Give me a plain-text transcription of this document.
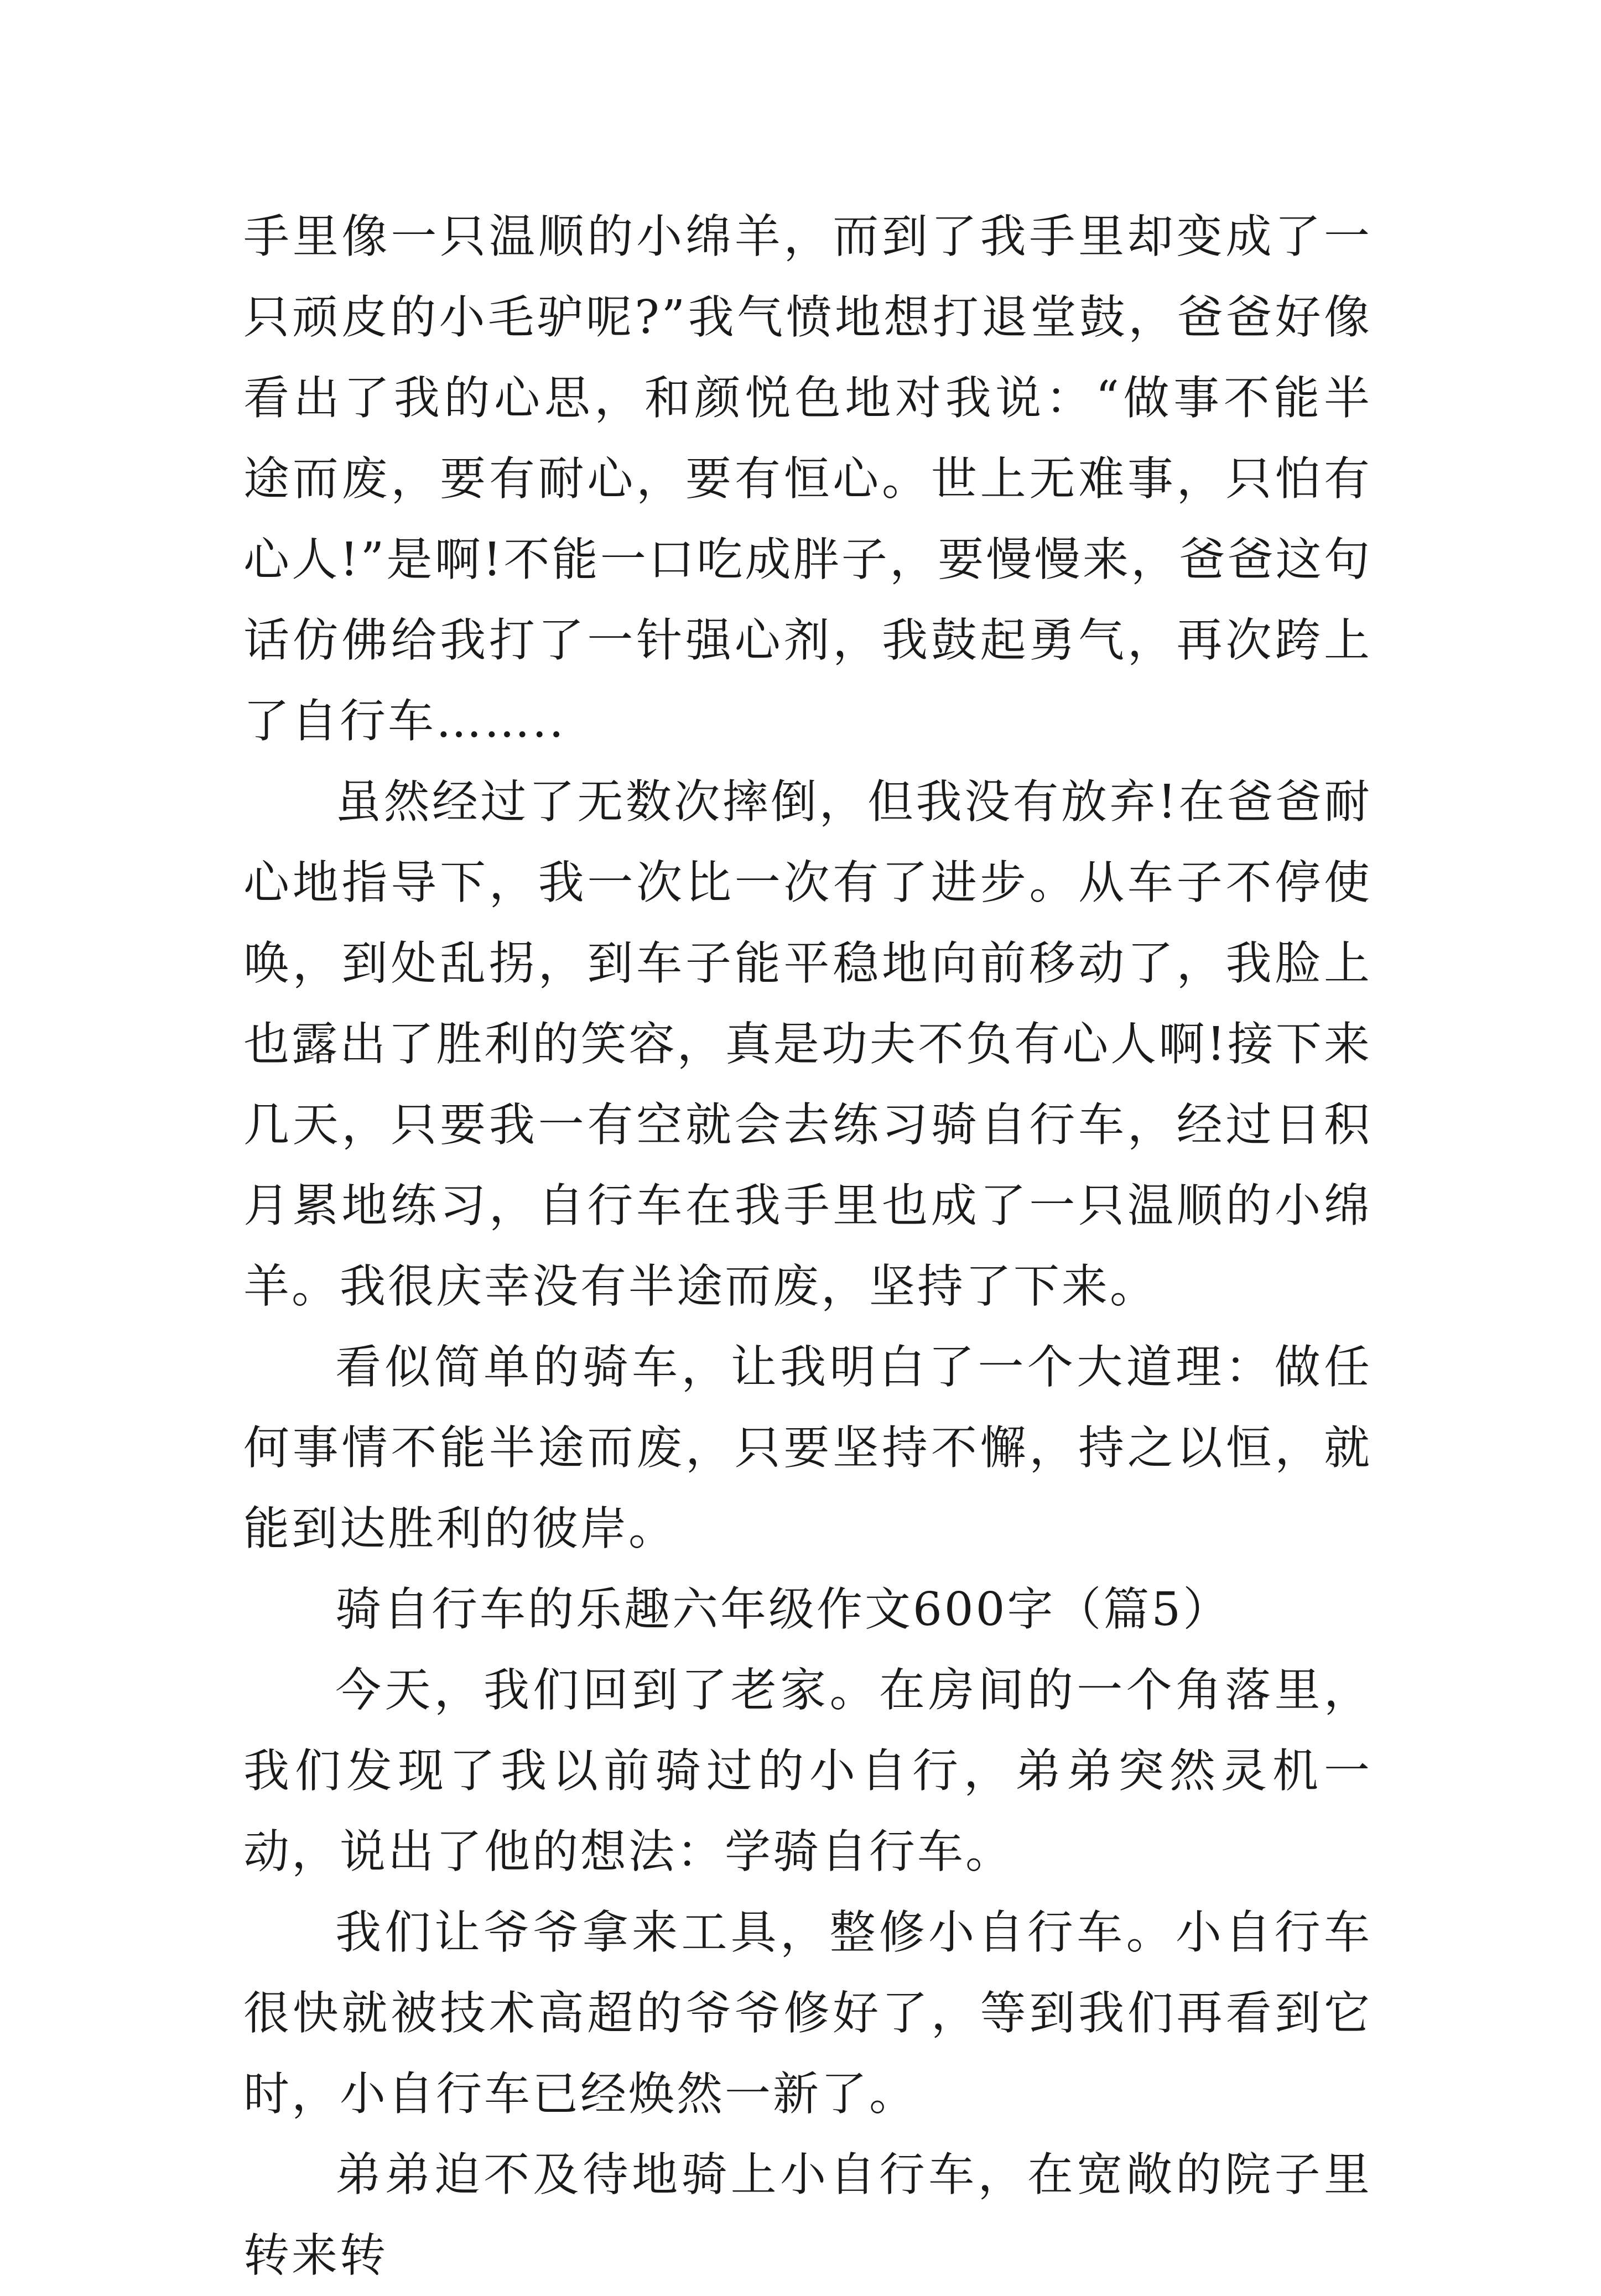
手里像一只温顺的小绵羊，而到了我手里却变成了一只顽皮的小毛驴呢?”我气愤地想打退堂鼓，爸爸好像看出了我的心思，和颜悦色地对我说：“做事不能半途而废，要有耐心，要有恒心。世上无难事，只怕有心人!”是啊!不能一口吃成胖子，要慢慢来，爸爸这句话仿佛给我打了一针强心剂，我鼓起勇气，再次跨上了自行车……..

虽然经过了无数次摔倒，但我没有放弃!在爸爸耐心地指导下，我一次比一次有了进步。从车子不停使唤，到处乱拐，到车子能平稳地向前移动了，我脸上也露出了胜利的笑容，真是功夫不负有心人啊!接下来几天，只要我一有空就会去练习骑自行车，经过日积月累地练习，自行车在我手里也成了一只温顺的小绵羊。我很庆幸没有半途而废，坚持了下来。

看似简单的骑车，让我明白了一个大道理：做任何事情不能半途而废，只要坚持不懈，持之以恒，就能到达胜利的彼岸。

骑自行车的乐趣六年级作文600字（篇5）

今天，我们回到了老家。在房间的一个角落里，我们发现了我以前骑过的小自行，弟弟突然灵机一动，说出了他的想法：学骑自行车。

我们让爷爷拿来工具，整修小自行车。小自行车很快就被技术高超的爷爷修好了，等到我们再看到它时，小自行车已经焕然一新了。

弟弟迫不及待地骑上小自行车，在宽敞的院子里转来转
